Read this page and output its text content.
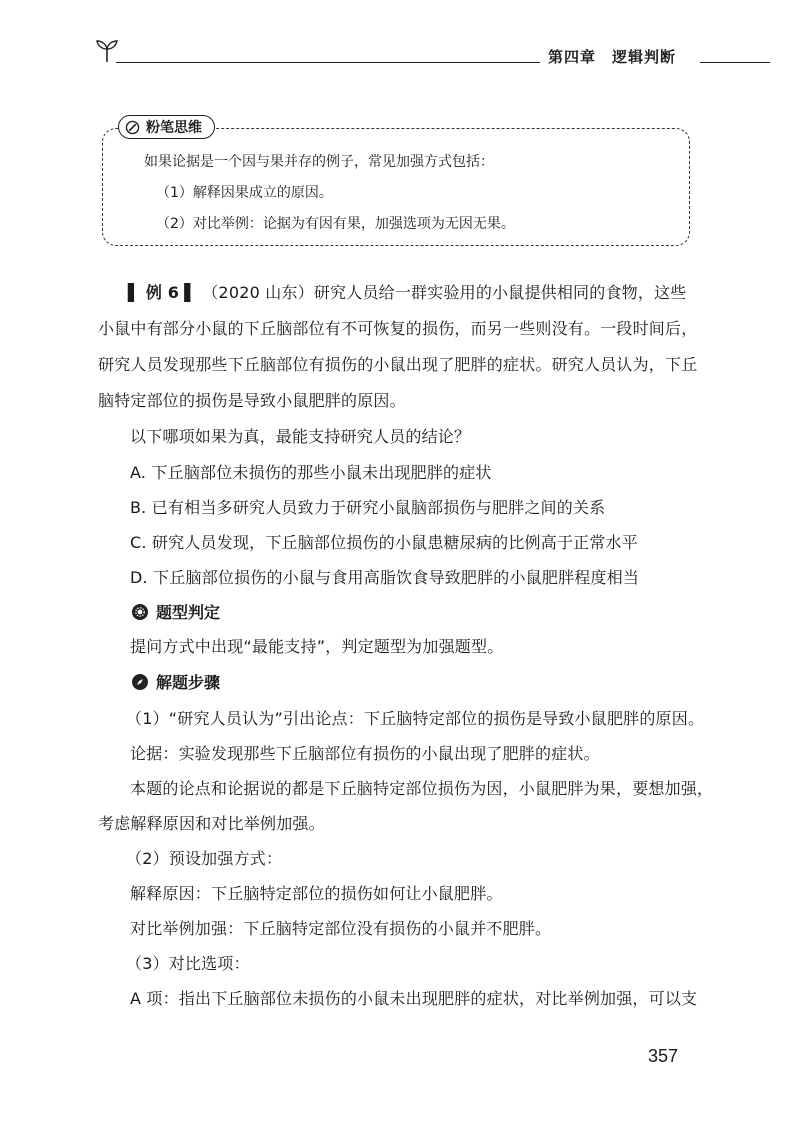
第四章 逻辑判断
粉笔思维
如果论据是一个因与果并存的例子，常见加强方式包括：
（1）解释因果成立的原因。
（2）对比举例：论据为有因有果，加强选项为无因无果。
▌ 例 6 ▌ （2020 山东）研究人员给一群实验用的小鼠提供相同的食物，这些
小鼠中有部分小鼠的下丘脑部位有不可恢复的损伤，而另一些则没有。一段时间后，
研究人员发现那些下丘脑部位有损伤的小鼠出现了肥胖的症状。研究人员认为，下丘
脑特定部位的损伤是导致小鼠肥胖的原因。
以下哪项如果为真，最能支持研究人员的结论？
A. 下丘脑部位未损伤的那些小鼠未出现肥胖的症状
B. 已有相当多研究人员致力于研究小鼠脑部损伤与肥胖之间的关系
C. 研究人员发现，下丘脑部位损伤的小鼠患糖尿病的比例高于正常水平
D. 下丘脑部位损伤的小鼠与食用高脂饮食导致肥胖的小鼠肥胖程度相当
题型判定
提问方式中出现“最能支持”，判定题型为加强题型。
解题步骤
（1）“研究人员认为”引出论点：下丘脑特定部位的损伤是导致小鼠肥胖的原因。
论据：实验发现那些下丘脑部位有损伤的小鼠出现了肥胖的症状。
本题的论点和论据说的都是下丘脑特定部位损伤为因，小鼠肥胖为果，要想加强，
考虑解释原因和对比举例加强。
（2）预设加强方式：
解释原因：下丘脑特定部位的损伤如何让小鼠肥胖。
对比举例加强：下丘脑特定部位没有损伤的小鼠并不肥胖。
（3）对比选项：
A 项：指出下丘脑部位未损伤的小鼠未出现肥胖的症状，对比举例加强，可以支
357
